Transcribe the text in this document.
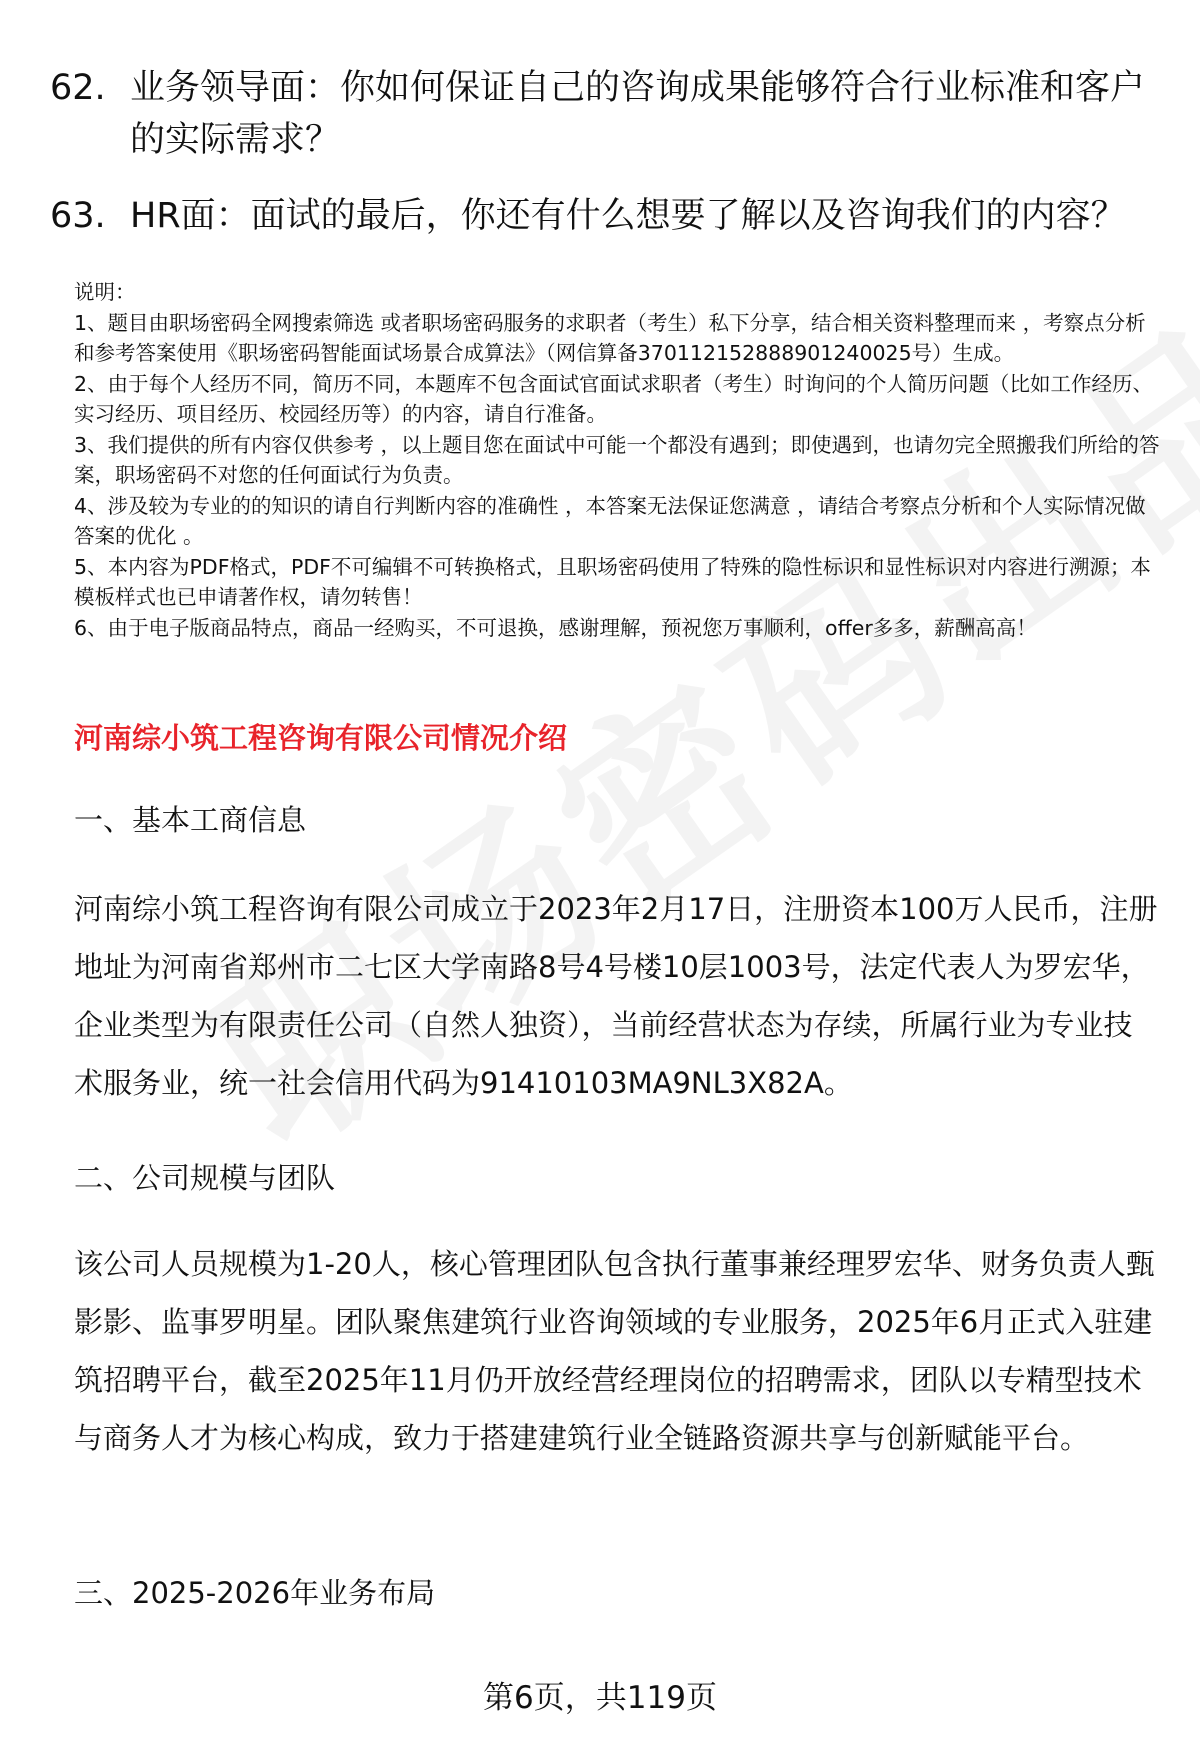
62. 业务领导面：你如何保证自己的咨询成果能够符合行业标准和客户的实际需求？
63. HR面：面试的最后，你还有什么想要了解以及咨询我们的内容？
说明：
1、题目由职场密码全网搜索筛选 或者职场密码服务的求职者（考生）私下分享，结合相关资料整理而来 ，考察点分析和参考答案使用《职场密码智能面试场景合成算法》（网信算备370112152888901240025号）生成。
2、由于每个人经历不同，简历不同，本题库不包含面试官面试求职者（考生）时询问的个人简历问题（比如工作经历、实习经历、项目经历、校园经历等）的内容，请自行准备。
3、我们提供的所有内容仅供参考 ，以上题目您在面试中可能一个都没有遇到；即使遇到，也请勿完全照搬我们所给的答案，职场密码不对您的任何面试行为负责。
4、涉及较为专业的的知识的请自行判断内容的准确性 ，本答案无法保证您满意 ，请结合考察点分析和个人实际情况做答案的优化 。
5、本内容为PDF格式，PDF不可编辑不可转换格式，且职场密码使用了特殊的隐性标识和显性标识对内容进行溯源；本模板样式也已申请著作权，请勿转售！
6、由于电子版商品特点，商品一经购买，不可退换，感谢理解，预祝您万事顺利，offer多多，薪酬高高！
河南综小筑工程咨询有限公司情况介绍
一、基本工商信息
河南综小筑工程咨询有限公司成立于2023年2月17日，注册资本100万人民币，注册地址为河南省郑州市二七区大学南路8号4号楼10层1003号，法定代表人为罗宏华，企业类型为有限责任公司（自然人独资），当前经营状态为存续，所属行业为专业技术服务业，统一社会信用代码为91410103MA9NL3X82A。
二、公司规模与团队
该公司人员规模为1-20人，核心管理团队包含执行董事兼经理罗宏华、财务负责人甄影影、监事罗明星。团队聚焦建筑行业咨询领域的专业服务，2025年6月正式入驻建筑招聘平台，截至2025年11月仍开放经营经理岗位的招聘需求，团队以专精型技术与商务人才为核心构成，致力于搭建建筑行业全链路资源共享与创新赋能平台。
三、2025-2026年业务布局
第6页，共119页
